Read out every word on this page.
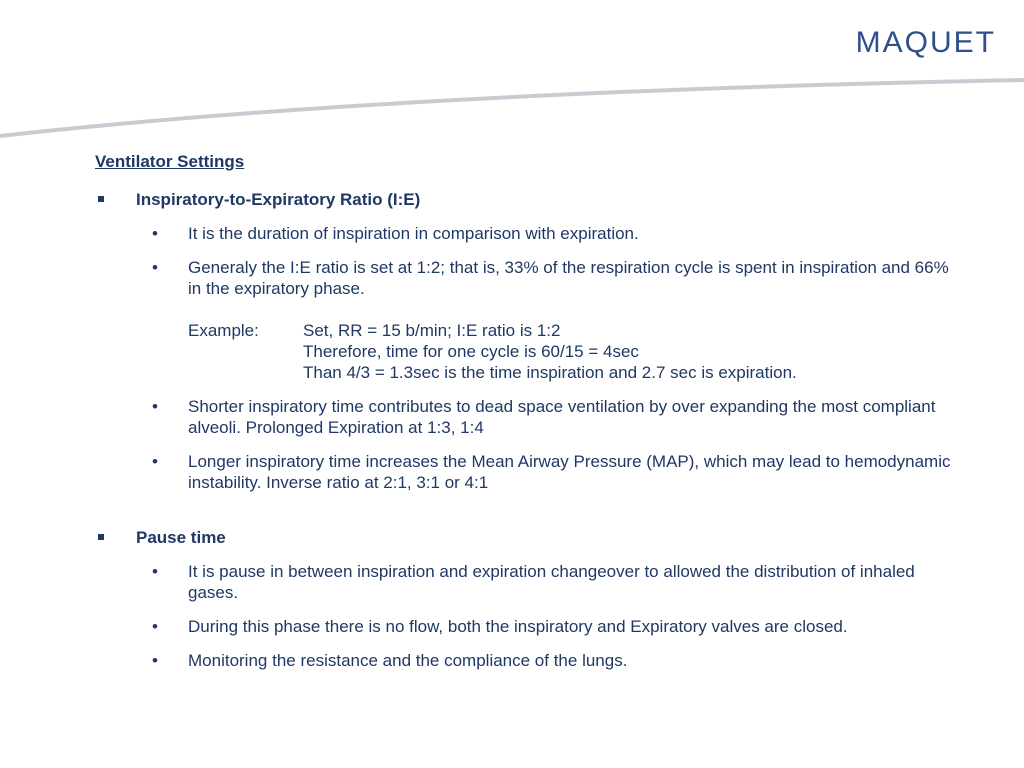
MAQUET
Ventilator Settings
Inspiratory-to-Expiratory Ratio (I:E)
• It is the duration of inspiration in comparison with expiration.
• Generaly the I:E ratio is set at 1:2; that is, 33% of the respiration cycle is spent in inspiration and 66% in the expiratory phase.
Example:	Set, RR = 15 b/min; I:E ratio is 1:2
Therefore, time for one cycle is 60/15 = 4sec
Than 4/3 = 1.3sec is the time inspiration and 2.7 sec is expiration.
• Shorter inspiratory time contributes to dead space ventilation by over expanding the most compliant alveoli. Prolonged Expiration at 1:3, 1:4
• Longer inspiratory time increases the Mean Airway Pressure (MAP), which may lead to hemodynamic instability. Inverse ratio at 2:1, 3:1 or 4:1
Pause time
• It is pause in between inspiration and expiration changeover to allowed the distribution of inhaled gases.
• During this phase there is no flow, both the inspiratory and Expiratory valves are closed.
• Monitoring the resistance and the compliance of the lungs.
